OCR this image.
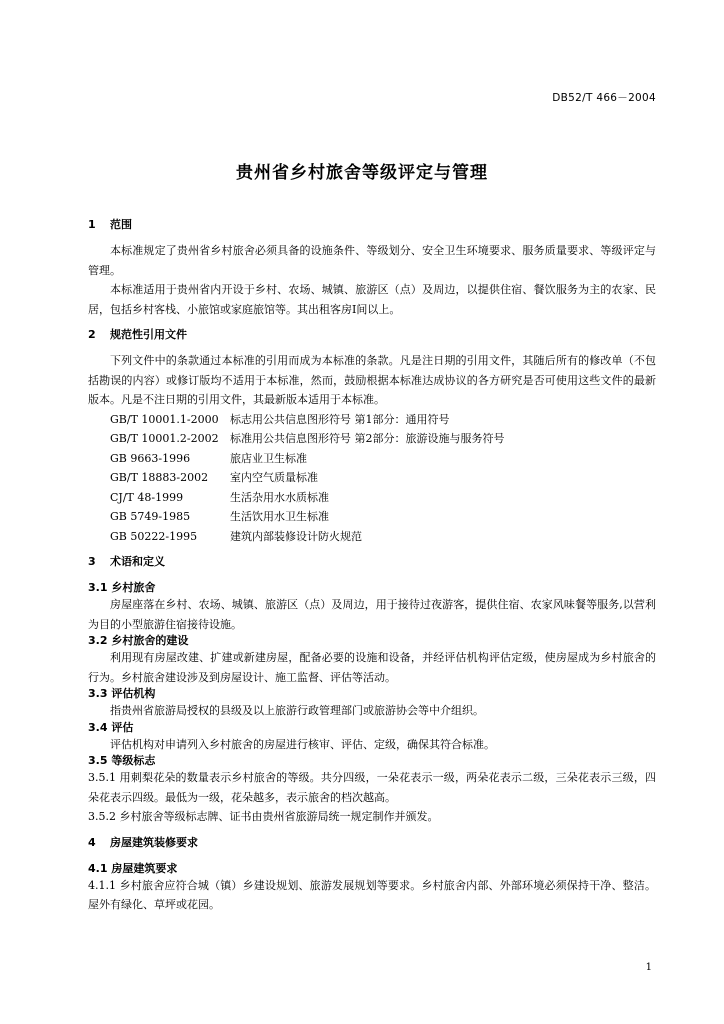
DB52/T 466－2004
贵州省乡村旅舍等级评定与管理
1 范围

本标准规定了贵州省乡村旅舍必须具备的设施条件、等级划分、安全卫生环境要求、服务质量要求、等级评定与管理。

本标准适用于贵州省内开设于乡村、农场、城镇、旅游区（点）及周边，以提供住宿、餐饮服务为主的农家、民居，包括乡村客栈、小旅馆或家庭旅馆等。其出租客房Ⅰ间以上。

2 规范性引用文件

下列文件中的条款通过本标准的引用而成为本标准的条款。凡是注日期的引用文件，其随后所有的修改单（不包括勘误的内容）或修订版均不适用于本标准，然而，鼓励根据本标准达成协议的各方研究是否可使用这些文件的最新版本。凡是不注日期的引用文件，其最新版本适用于本标准。

GB/T 10001.1-2000	标志用公共信息图形符号 第1部分：通用符号
GB/T 10001.2-2002	标准用公共信息图形符号 第2部分：旅游设施与服务符号
GB 9663-1996	旅店业卫生标准
GB/T 18883-2002	室内空气质量标准
CJ/T 48-1999	生活杂用水水质标准
GB 5749-1985	生活饮用水卫生标准
GB 50222-1995	建筑内部装修设计防火规范
3 术语和定义
3.1 乡村旅舍

房屋座落在乡村、农场、城镇、旅游区（点）及周边，用于接待过夜游客，提供住宿、农家风味餐等服务,以营利为目的小型旅游住宿接待设施。

3.2 乡村旅舍的建设

利用现有房屋改建、扩建或新建房屋，配备必要的设施和设备，并经评估机构评估定级，使房屋成为乡村旅舍的行为。乡村旅舍建设涉及到房屋设计、施工监督、评估等活动。

3.3 评估机构

指贵州省旅游局授权的县级及以上旅游行政管理部门或旅游协会等中介组织。

3.4 评估

评估机构对申请列入乡村旅舍的房屋进行核审、评估、定级，确保其符合标准。

3.5 等级标志

3.5.1 用刺梨花朵的数量表示乡村旅舍的等级。共分四级，一朵花表示一级，两朵花表示二级，三朵花表示三级，四朵花表示四级。最低为一级，花朵越多，表示旅舍的档次越高。

3.5.2 乡村旅舍等级标志牌、证书由贵州省旅游局统一规定制作并颁发。

4 房屋建筑装修要求
4.1 房屋建筑要求

4.1.1 乡村旅舍应符合城（镇）乡建设规划、旅游发展规划等要求。乡村旅舍内部、外部环境必须保持干净、整洁。屋外有绿化、草坪或花园。

1
